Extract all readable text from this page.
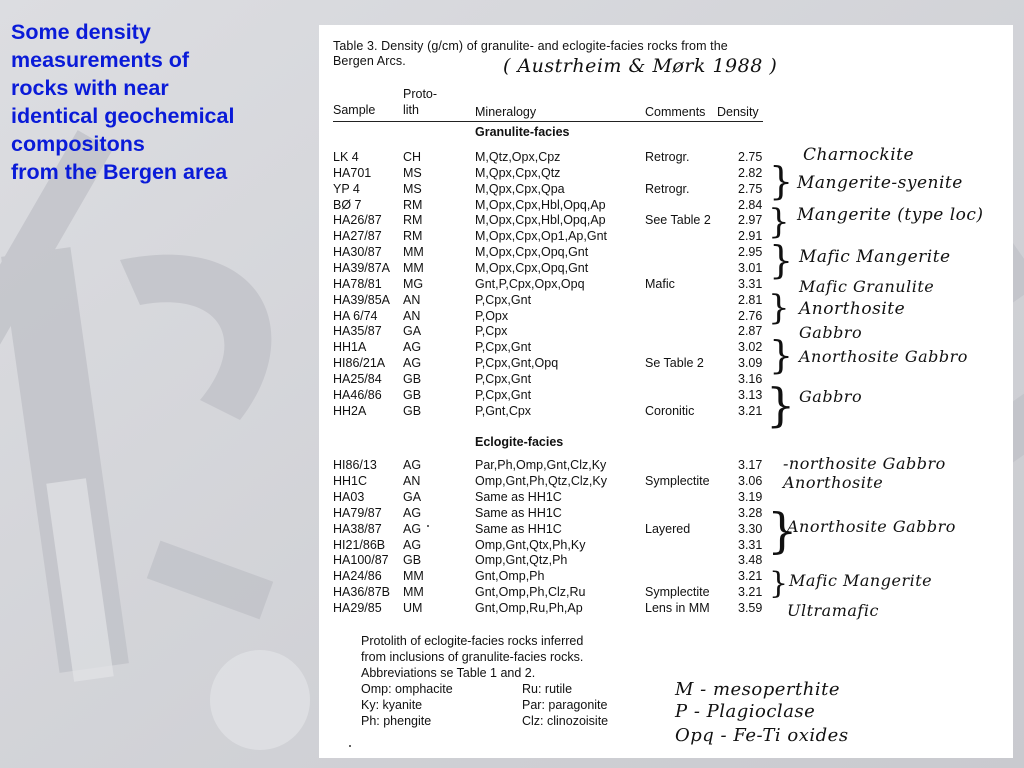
Some density
measurements of
rocks with near
identical geochemical
compositons
from the Bergen area
Table 3. Density (g/cm) of granulite- and eclogite-facies rocks from the
Bergen Arcs.	( Austrheim & Mørk 1988 )
Sample
Proto-
lith	Mineralogy	Comments Density
Granulite-facies
LK 4	CH	M,Qtz,Opx,Cpz	Retrogr.	2.75
HA701	MS	M,Qpx,Cpx,Qtz	2.82
YP 4	MS	M,Qpx,Cpx,Qpa	Retrogr.	2.75
BØ 7	RM	M,Opx,Cpx,Hbl,Opq,Ap	2.84
HA26/87 RM	M,Opx,Cpx,Hbl,Opq,Ap	See Table 2 2.97
HA27/87 RM	M,Opx,Cpx,Op1,Ap,Gnt	2.91
HA30/87 MM	M,Opx,Cpx,Opq,Gnt	2.95
HA39/87A MM	M,Opx,Cpx,Opq,Gnt	3.01
HA78/81 MG	Gnt,P,Cpx,Opx,Opq	Mafic	3.31
HA39/85A AN	P,Cpx,Gnt	2.81
HA 6/74 AN	P,Opx	2.76
HA35/87 GA	P,Cpx	2.87
HH1A	AG	P,Cpx,Gnt	3.02
HI86/21A AG	P,Cpx,Gnt,Opq	Se Table 2	3.09
HA25/84 GB	P,Cpx,Gnt	3.16
HA46/86 GB	P,Cpx,Gnt	3.13
HH2A	GB	P,Gnt,Cpx	Coronitic	3.21
Eclogite-facies
HI86/13 AG	Par,Ph,Omp,Gnt,Clz,Ky	3.17
HH1C	AN	Omp,Gnt,Ph,Qtz,Clz,Ky	Symplectite 3.06
HA03	GA	Same as HH1C	3.19
HA79/87 AG	Same as HH1C	3.28
HA38/87 AG	Same as HH1C	Layered	3.30
HI21/86B AG	Omp,Gnt,Qtx,Ph,Ky	3.31
HA100/87 GB	Omp,Gnt,Qtz,Ph	3.48
HA24/86 MM	Gnt,Omp,Ph	3.21
HA36/87B MM	Gnt,Omp,Ph,Clz,Ru	Symplectite 3.21
HA29/85 UM	Gnt,Omp,Ru,Ph,Ap	Lens in MM 3.59
}
}
}
}
}
}
}
}
Charnockite
Mangerite-syenite
Mangerite (type loc)
Mafic Mangerite
Mafic Granulite
Anorthosite
Gabbro
Anorthosite Gabbro
Gabbro
-northosite Gabbro
Anorthosite
Anorthosite Gabbro
Mafic Mangerite
Ultramafic
Protolith of eclogite-facies rocks inferred
from inclusions of granulite-facies rocks.
Abbreviations se Table 1 and 2.
Omp: omphacite	Ru: rutile
Ky: kyanite	Par: paragonite
Ph: phengite	Clz: clinozoisite
M - mesoperthite
P - Plagioclase
Opq - Fe-Ti oxides
